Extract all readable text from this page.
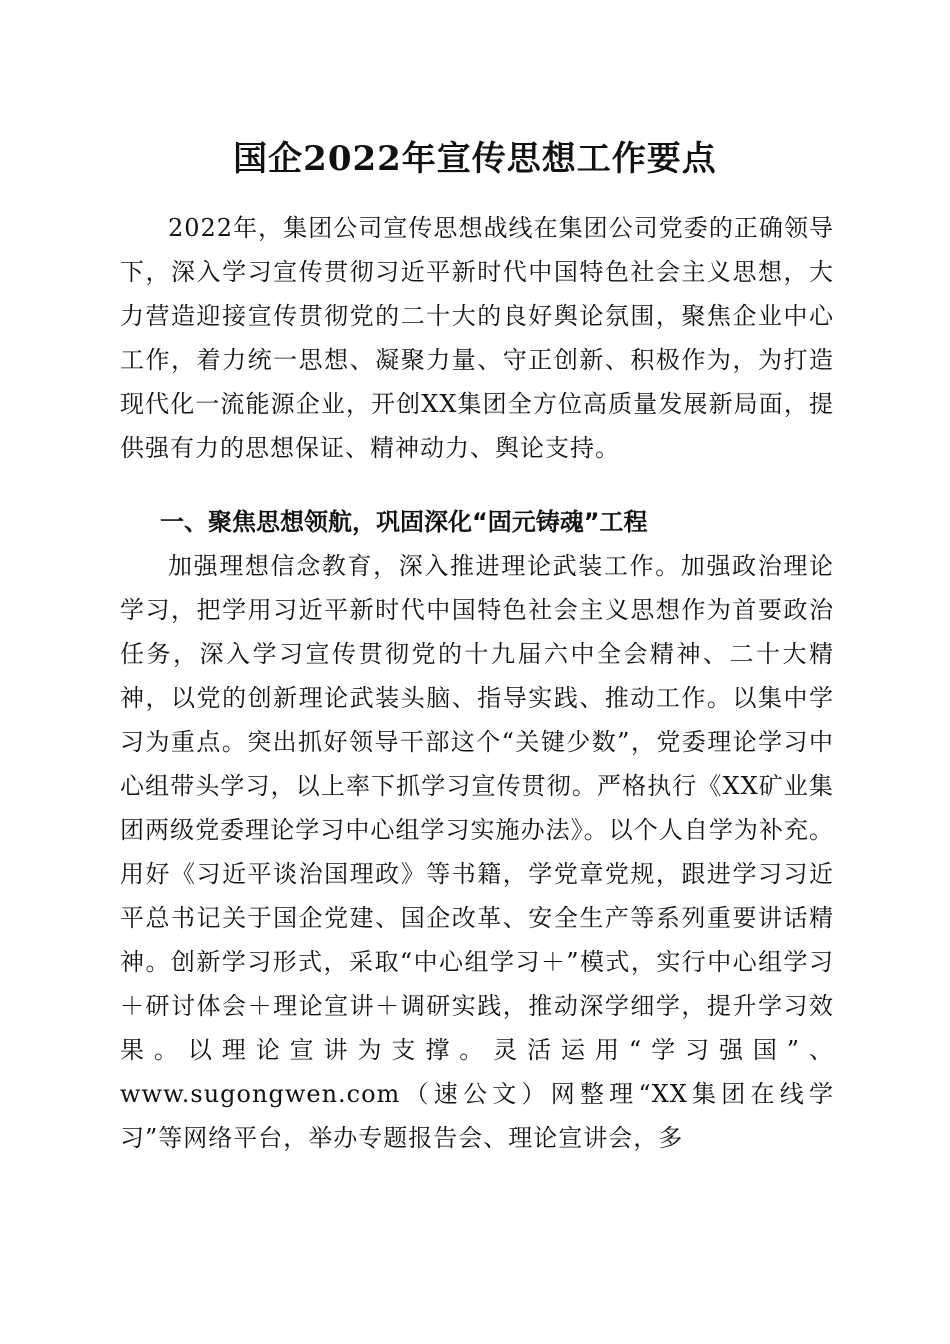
国企2022年宣传思想工作要点

2022年，集团公司宣传思想战线在集团公司党委的正确领导下，深入学习宣传贯彻习近平新时代中国特色社会主义思想，大力营造迎接宣传贯彻党的二十大的良好舆论氛围，聚焦企业中心工作，着力统一思想、凝聚力量、守正创新、积极作为，为打造现代化一流能源企业，开创XX集团全方位高质量发展新局面，提供强有力的思想保证、精神动力、舆论支持。

一、聚焦思想领航，巩固深化“固元铸魂”工程

加强理想信念教育，深入推进理论武装工作。加强政治理论学习，把学用习近平新时代中国特色社会主义思想作为首要政治任务，深入学习宣传贯彻党的十九届六中全会精神、二十大精神，以党的创新理论武装头脑、指导实践、推动工作。以集中学习为重点。突出抓好领导干部这个“关键少数”，党委理论学习中心组带头学习，以上率下抓学习宣传贯彻。严格执行《XX矿业集团两级党委理论学习中心组学习实施办法》。以个人自学为补充。用好《习近平谈治国理政》等书籍，学党章党规，跟进学习习近平总书记关于国企党建、国企改革、安全生产等系列重要讲话精神。创新学习形式，采取“中心组学习＋”模式，实行中心组学习＋研讨体会＋理论宣讲＋调研实践，推动深学细学，提升学习效果。以理论宣讲为支撑。灵活运用“学习强国”、www.sugongwen.com（速公文）网整理“XX集团在线学习”等网络平台，举办专题报告会、理论宣讲会，多
